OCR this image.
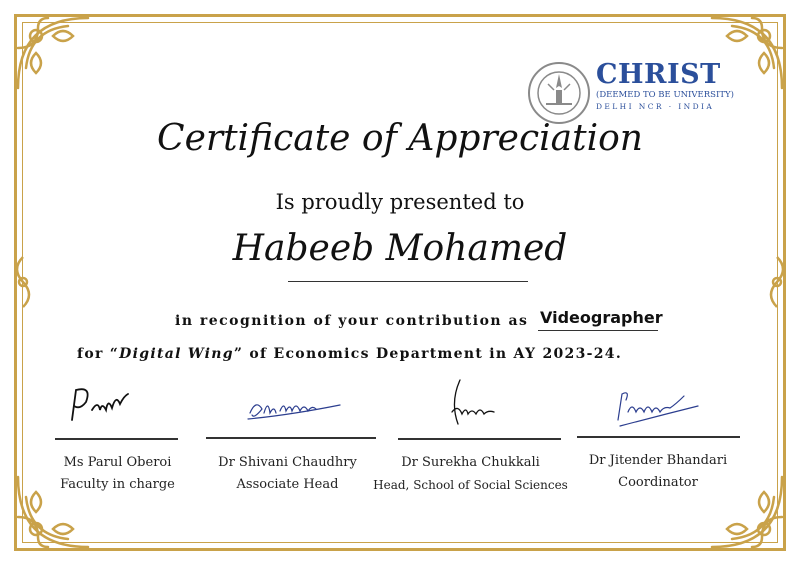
CHRIST
(DEEMED TO BE UNIVERSITY)
DELHI NCR · INDIA
Certificate of Appreciation
Is proudly presented to
Habeeb Mohamed
in recognition of your contribution as Videographer
for “Digital Wing” of Economics Department in AY 2023-24.
Ms Parul Oberoi
Faculty in charge
Dr Shivani Chaudhry
Associate Head
Dr Surekha Chukkali
Head, School of Social Sciences
Dr Jitender Bhandari
Coordinator
